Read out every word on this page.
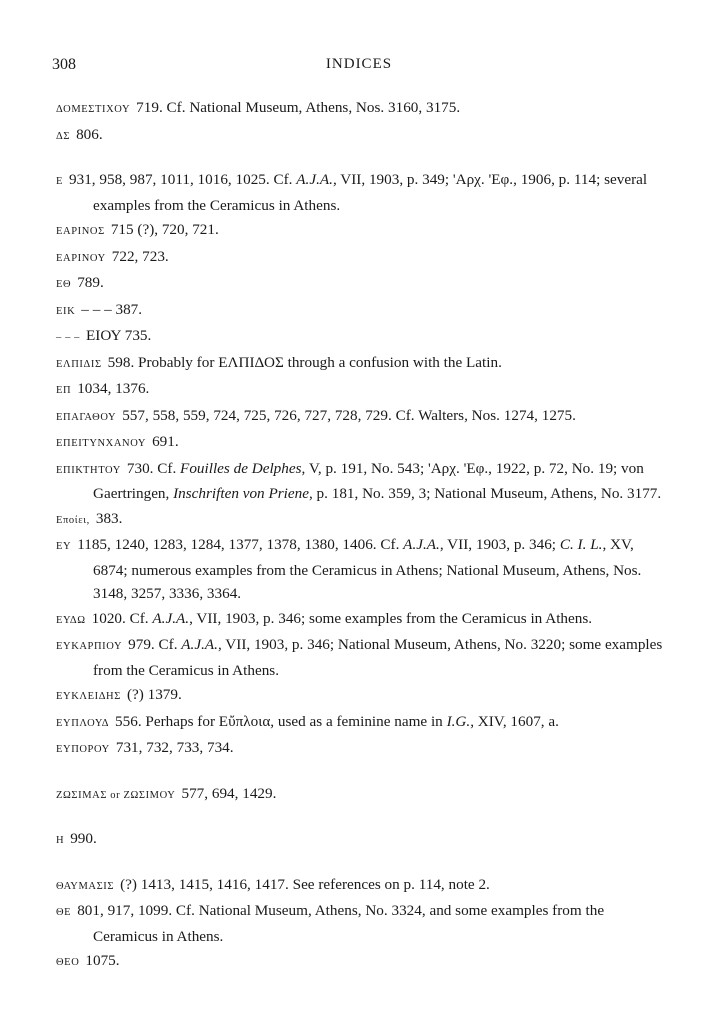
308	INDICES

ΔΟΜΕΣΤΙΧΟΥ 719. Cf. National Museum, Athens, Nos. 3160, 3175.

ΔΣ 806.

Ε 931, 958, 987, 1011, 1016, 1025. Cf. A.J.A., VII, 1903, p. 349; 'Αρχ. 'Εφ., 1906, p. 114; several examples from the Ceramicus in Athens.

ΕΑΡΙΝΟΣ 715 (?), 720, 721.

ΕΑΡΙΝΟΥ 722, 723.

ΕΘ 789.

ΕΙΚ – – – 387.

– – – ΕΙΟΥ 735.

ΕΛΠΙΔΙΣ 598. Probably for ΕΛΠΙΔΟΣ through a confusion with the Latin.

ΕΠ 1034, 1376.

ΕΠΑΓΑΘΟΥ 557, 558, 559, 724, 725, 726, 727, 728, 729. Cf. Walters, Nos. 1274, 1275.

ΕΠΕΙΤΥΝΧΑΝΟΥ 691.

ΕΠΙΚΤΗΤΟΥ 730. Cf. Fouilles de Delphes, V, p. 191, No. 543; 'Αρχ. 'Εφ., 1922, p. 72, No. 19; von Gaertringen, Inschriften von Priene, p. 181, No. 359, 3; National Museum, Athens, No. 3177.

Επoίει, 383.

ΕΥ 1185, 1240, 1283, 1284, 1377, 1378, 1380, 1406. Cf. A.J.A., VII, 1903, p. 346; C. I. L., XV, 6874; numerous examples from the Ceramicus in Athens; National Museum, Athens, Nos. 3148, 3257, 3336, 3364.

ΕΥΔΩ 1020. Cf. A.J.A., VII, 1903, p. 346; some examples from the Ceramicus in Athens.

ΕΥΚΑΡΠΙΟΥ 979. Cf. A.J.A., VII, 1903, p. 346; National Museum, Athens, No. 3220; some examples from the Ceramicus in Athens.

ΕΥΚΛΕΙΔΗΣ (?) 1379.

ΕΥΠΛΟΥΔ 556. Perhaps for Εὔπλοια, used as a feminine name in I.G., XIV, 1607, a.

ΕΥΠΟΡΟΥ 731, 732, 733, 734.

ΖΩΣΙΜΑΣ or ΖΩΣΙΜΟΥ 577, 694, 1429.

Η 990.

ΘΑΥΜΑΣΙΣ (?) 1413, 1415, 1416, 1417. See references on p. 114, note 2.

ΘΕ 801, 917, 1099. Cf. National Museum, Athens, No. 3324, and some examples from the Ceramicus in Athens.

ΘΕΟ 1075.
